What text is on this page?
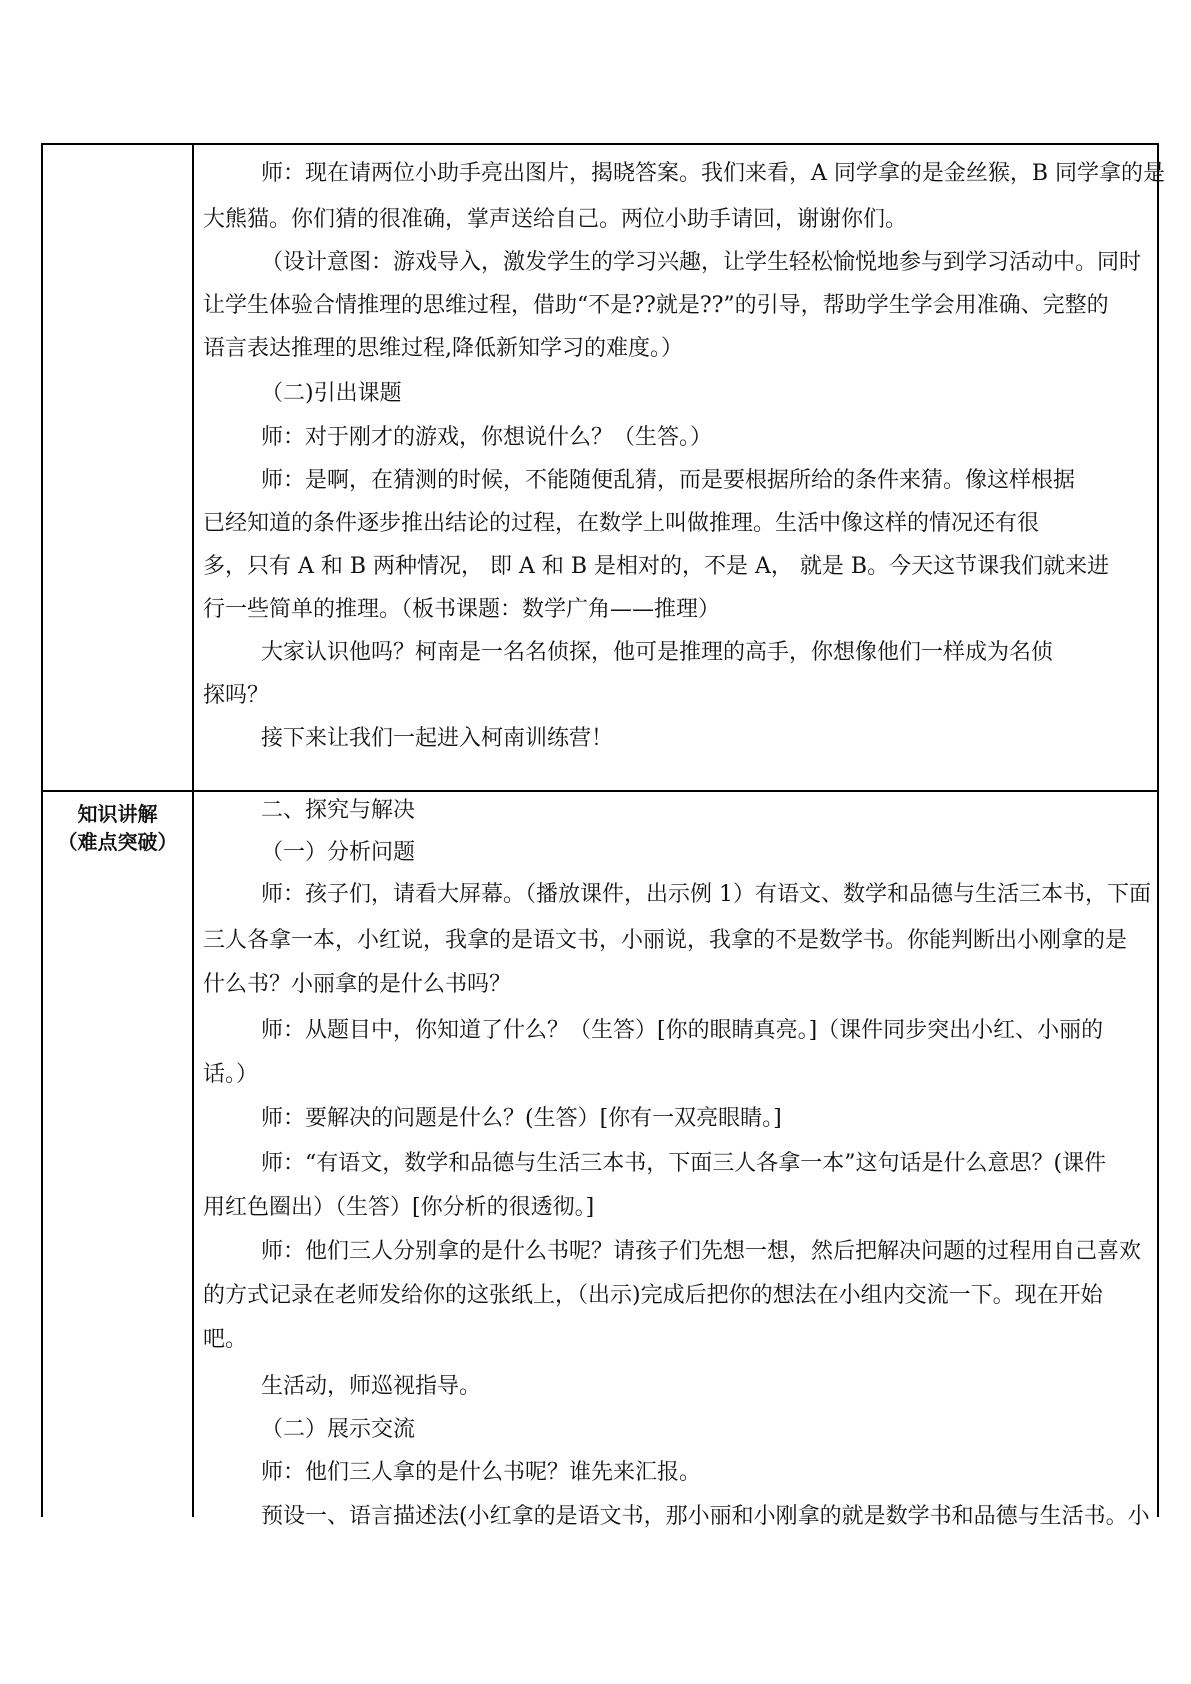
知识讲解
（难点突破）
师：现在请两位小助手亮出图片，揭晓答案。我们来看，A 同学拿的是金丝猴，B 同学拿的是
大熊猫。你们猜的很准确，掌声送给自己。两位小助手请回，谢谢你们。
（设计意图：游戏导入，激发学生的学习兴趣，让学生轻松愉悦地参与到学习活动中。同时
让学生体验合情推理的思维过程，借助“不是??就是??”的引导，帮助学生学会用准确、完整的
语言表达推理的思维过程,降低新知学习的难度。）
（二)引出课题
师：对于刚才的游戏，你想说什么？（生答。）
师：是啊，在猜测的时候，不能随便乱猜，而是要根据所给的条件来猜。像这样根据
已经知道的条件逐步推出结论的过程，在数学上叫做推理。生活中像这样的情况还有很
多，只有 A 和 B 两种情况， 即 A 和 B 是相对的，不是 A， 就是 B。今天这节课我们就来进
行一些简单的推理。（板书课题：数学广角——推理）
大家认识他吗？柯南是一名名侦探，他可是推理的高手，你想像他们一样成为名侦
探吗？
接下来让我们一起进入柯南训练营！
二、探究与解决
（一）分析问题
师：孩子们，请看大屏幕。（播放课件，出示例 1）有语文、数学和品德与生活三本书，下面
三人各拿一本，小红说，我拿的是语文书，小丽说，我拿的不是数学书。你能判断出小刚拿的是
什么书？小丽拿的是什么书吗？
师：从题目中，你知道了什么？（生答）[你的眼睛真亮。]（课件同步突出小红、小丽的
话。）
师：要解决的问题是什么？(生答）[你有一双亮眼睛。]
师：“有语文，数学和品德与生活三本书，下面三人各拿一本”这句话是什么意思？(课件
用红色圈出）（生答）[你分析的很透彻。]
师：他们三人分别拿的是什么书呢？请孩子们先想一想，然后把解决问题的过程用自己喜欢
的方式记录在老师发给你的这张纸上，（出示)完成后把你的想法在小组内交流一下。现在开始
吧。
生活动，师巡视指导。
（二）展示交流
师：他们三人拿的是什么书呢？谁先来汇报。
预设一、语言描述法(小红拿的是语文书，那小丽和小刚拿的就是数学书和品德与生活书。小
